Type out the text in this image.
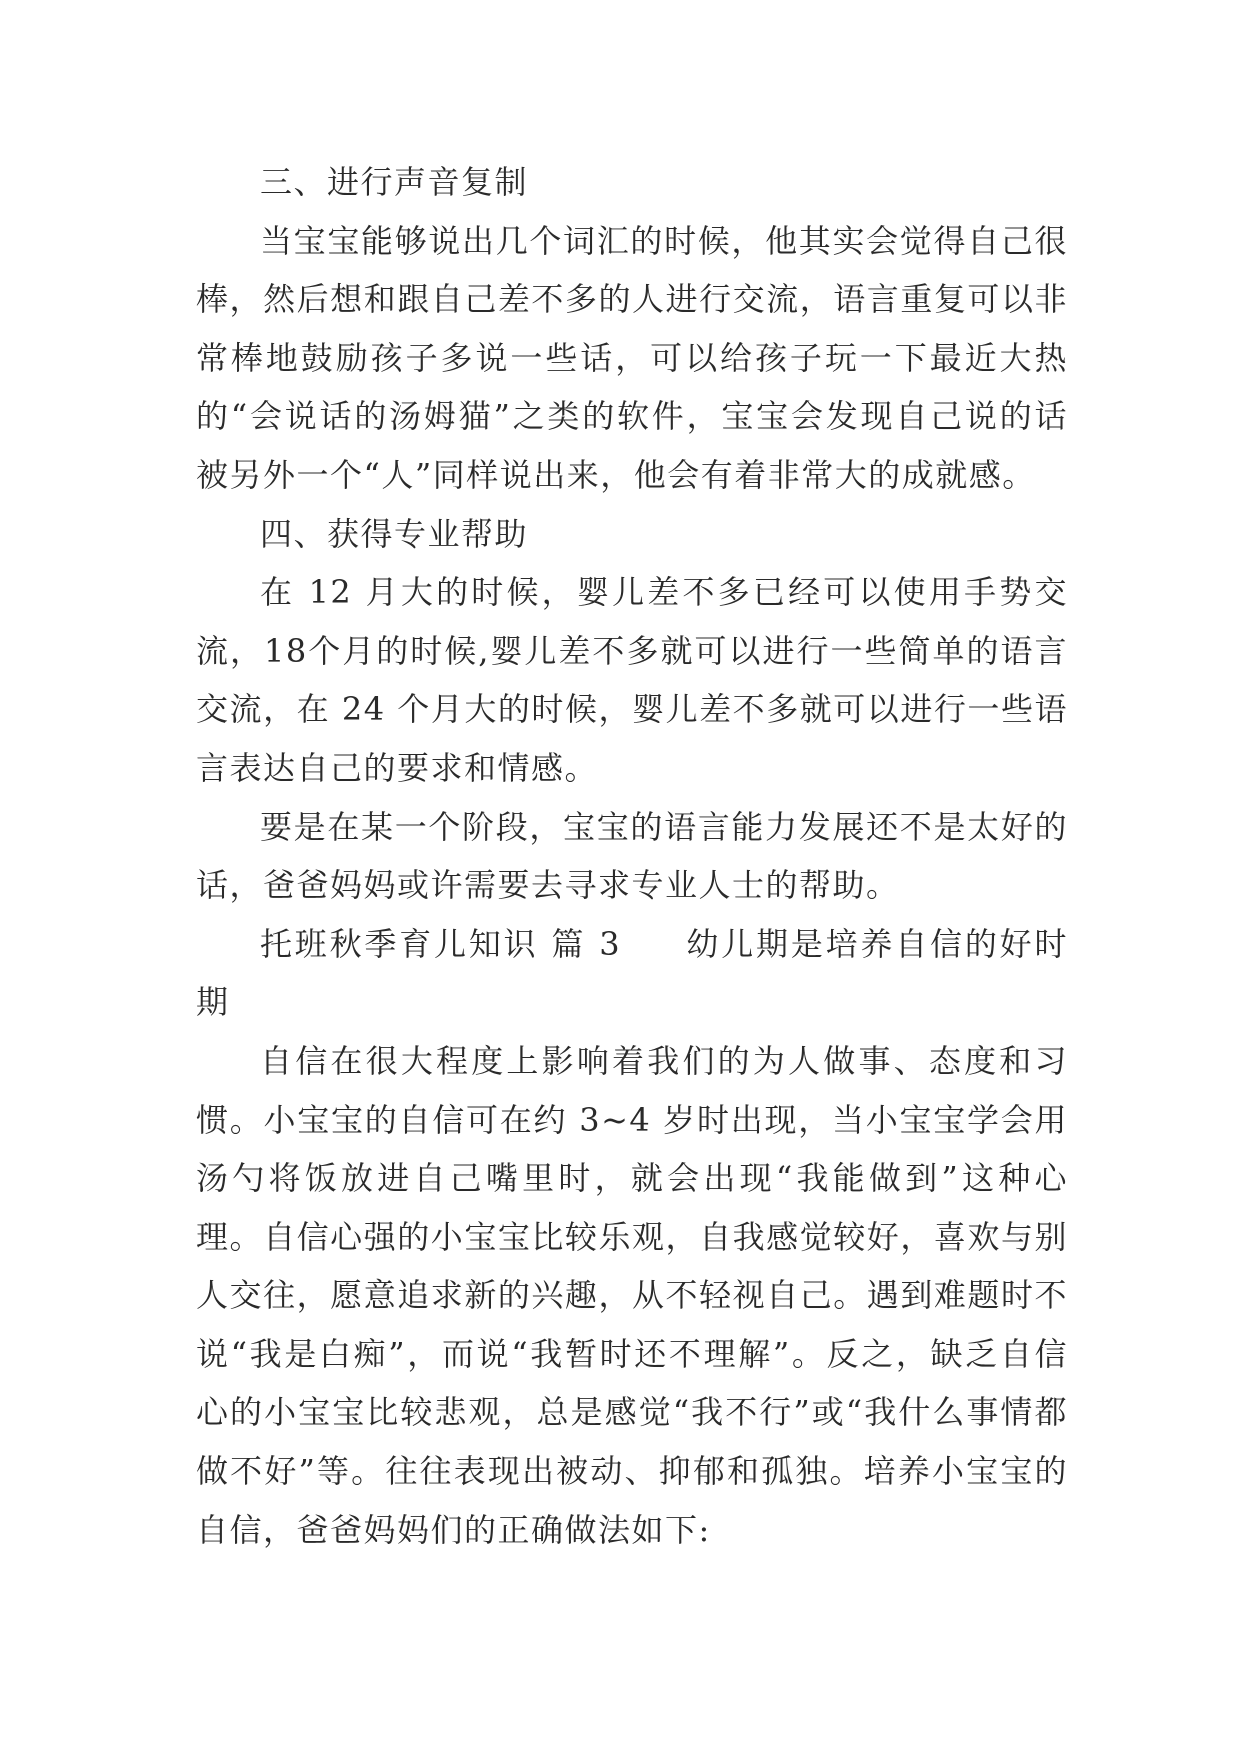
三、进行声音复制

当宝宝能够说出几个词汇的时候，他其实会觉得自己很棒，然后想和跟自己差不多的人进行交流，语言重复可以非常棒地鼓励孩子多说一些话，可以给孩子玩一下最近大热的“会说话的汤姆猫”之类的软件，宝宝会发现自己说的话被另外一个“人”同样说出来，他会有着非常大的成就感。

四、获得专业帮助

在 12 月大的时候，婴儿差不多已经可以使用手势交流，18个月的时候,婴儿差不多就可以进行一些简单的语言交流，在 24 个月大的时候，婴儿差不多就可以进行一些语言表达自己的要求和情感。

要是在某一个阶段，宝宝的语言能力发展还不是太好的话，爸爸妈妈或许需要去寻求专业人士的帮助。

托班秋季育儿知识 篇 3 幼儿期是培养自信的好时期

自信在很大程度上影响着我们的为人做事、态度和习惯。小宝宝的自信可在约 3~4 岁时出现，当小宝宝学会用汤勺将饭放进自己嘴里时，就会出现“我能做到”这种心理。自信心强的小宝宝比较乐观，自我感觉较好，喜欢与别人交往，愿意追求新的兴趣，从不轻视自己。遇到难题时不说“我是白痴”，而说“我暂时还不理解”。反之，缺乏自信心的小宝宝比较悲观，总是感觉“我不行”或“我什么事情都做不好”等。往往表现出被动、抑郁和孤独。培养小宝宝的自信，爸爸妈妈们的正确做法如下:
